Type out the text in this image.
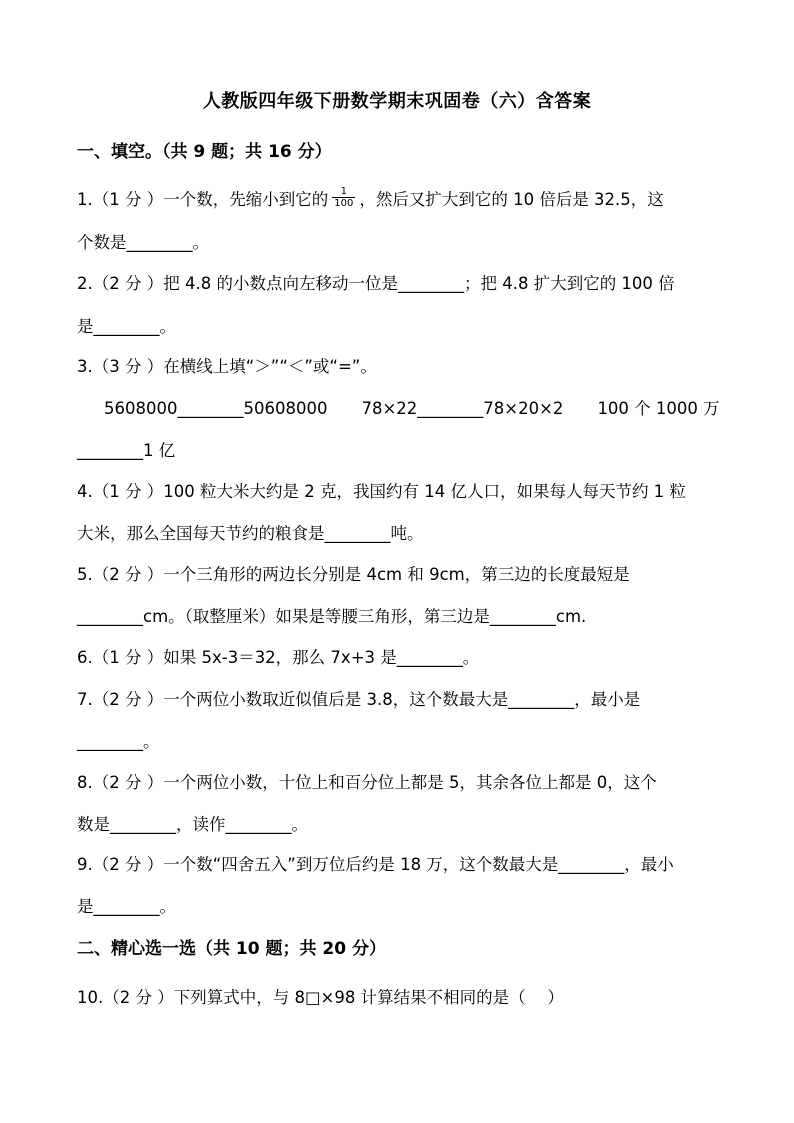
人教版四年级下册数学期末巩固卷（六）含答案
一、填空。（共 9 题；共 16 分）
1.（1 分 ）一个数，先缩小到它的 $\frac{1}{100}$ ，然后又扩大到它的 10 倍后是 32.5，这
个数是________。
2.（2 分 ）把 4.8 的小数点向左移动一位是________；把 4.8 扩大到它的 100 倍
是________。
3.（3 分 ）在横线上填“＞”“＜”或“=”。
5608000________50608000 78×22________78×20×2 100 个 1000 万
________1 亿
4.（1 分 ）100 粒大米大约是 2 克，我国约有 14 亿人口，如果每人每天节约 1 粒
大米，那么全国每天节约的粮食是________吨。
5.（2 分 ）一个三角形的两边长分别是 4cm 和 9cm，第三边的长度最短是
________cm。（取整厘米）如果是等腰三角形，第三边是________cm.
6.（1 分 ）如果 5x-3＝32，那么 7x+3 是________。
7.（2 分 ）一个两位小数取近似值后是 3.8，这个数最大是________，最小是
________。
8.（2 分 ）一个两位小数，十位上和百分位上都是 5，其余各位上都是 0，这个
数是________，读作________。
9.（2 分 ）一个数“四舍五入”到万位后约是 18 万，这个数最大是________，最小
是________。
二、精心选一选（共 10 题；共 20 分）
10.（2 分 ）下列算式中，与 8□×98 计算结果不相同的是（　 ）
